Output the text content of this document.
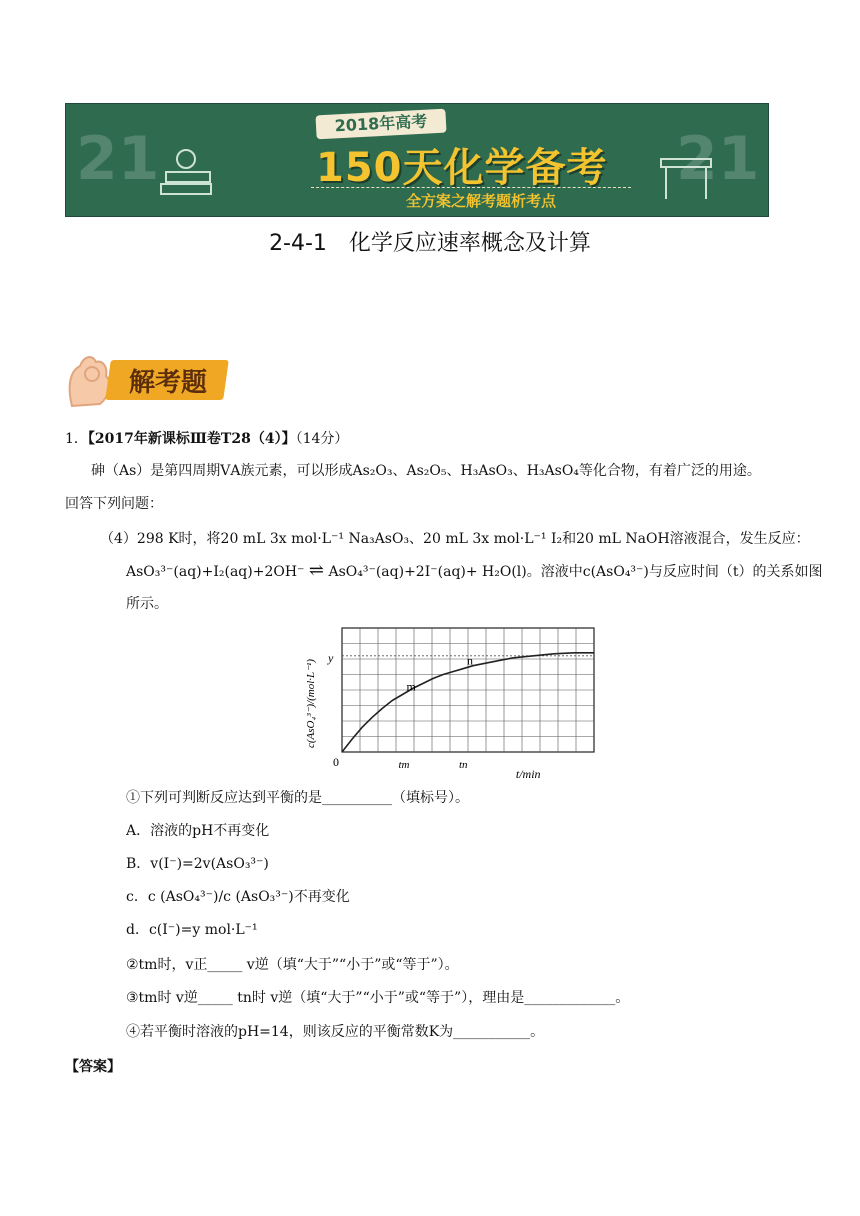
21	21
2018年高考
150天化学备考
全方案之解考题析考点
2-4-1　化学反应速率概念及计算
解考题
1．【2017年新课标Ⅲ卷T28（4）】（14分）
砷（As）是第四周期ⅤA族元素，可以形成As₂O₃、As₂O₅、H₃AsO₃、H₃AsO₄等化合物，有着广泛的用途。
回答下列问题：
（4）298 K时，将20 mL 3x mol·L⁻¹ Na₃AsO₃、20 mL 3x mol·L⁻¹ I₂和20 mL NaOH溶液混合，发生反应：
AsO₃³⁻(aq)+I₂(aq)+2OH⁻ ⇌ AsO₄³⁻(aq)+2I⁻(aq)+ H₂O(l)。溶液中c(AsO₄³⁻)与反应时间（t）的关系如图
所示。
c(AsO₄³⁻)/(mol·L⁻¹)
t/min
0
y
tm	tn
m
n
①下列可判断反应达到平衡的是__________（填标号）。
A．溶液的pH不再变化
B．v(I⁻)=2v(AsO₃³⁻)
c．c (AsO₄³⁻)/c (AsO₃³⁻)不再变化
d．c(I⁻)=y mol·L⁻¹
②tm时，v正_____ v逆（填“大于”“小于”或“等于”）。
③tm时 v逆_____ tn时 v逆（填“大于”“小于”或“等于”），理由是_____________。
④若平衡时溶液的pH=14，则该反应的平衡常数K为___________。
【答案】
